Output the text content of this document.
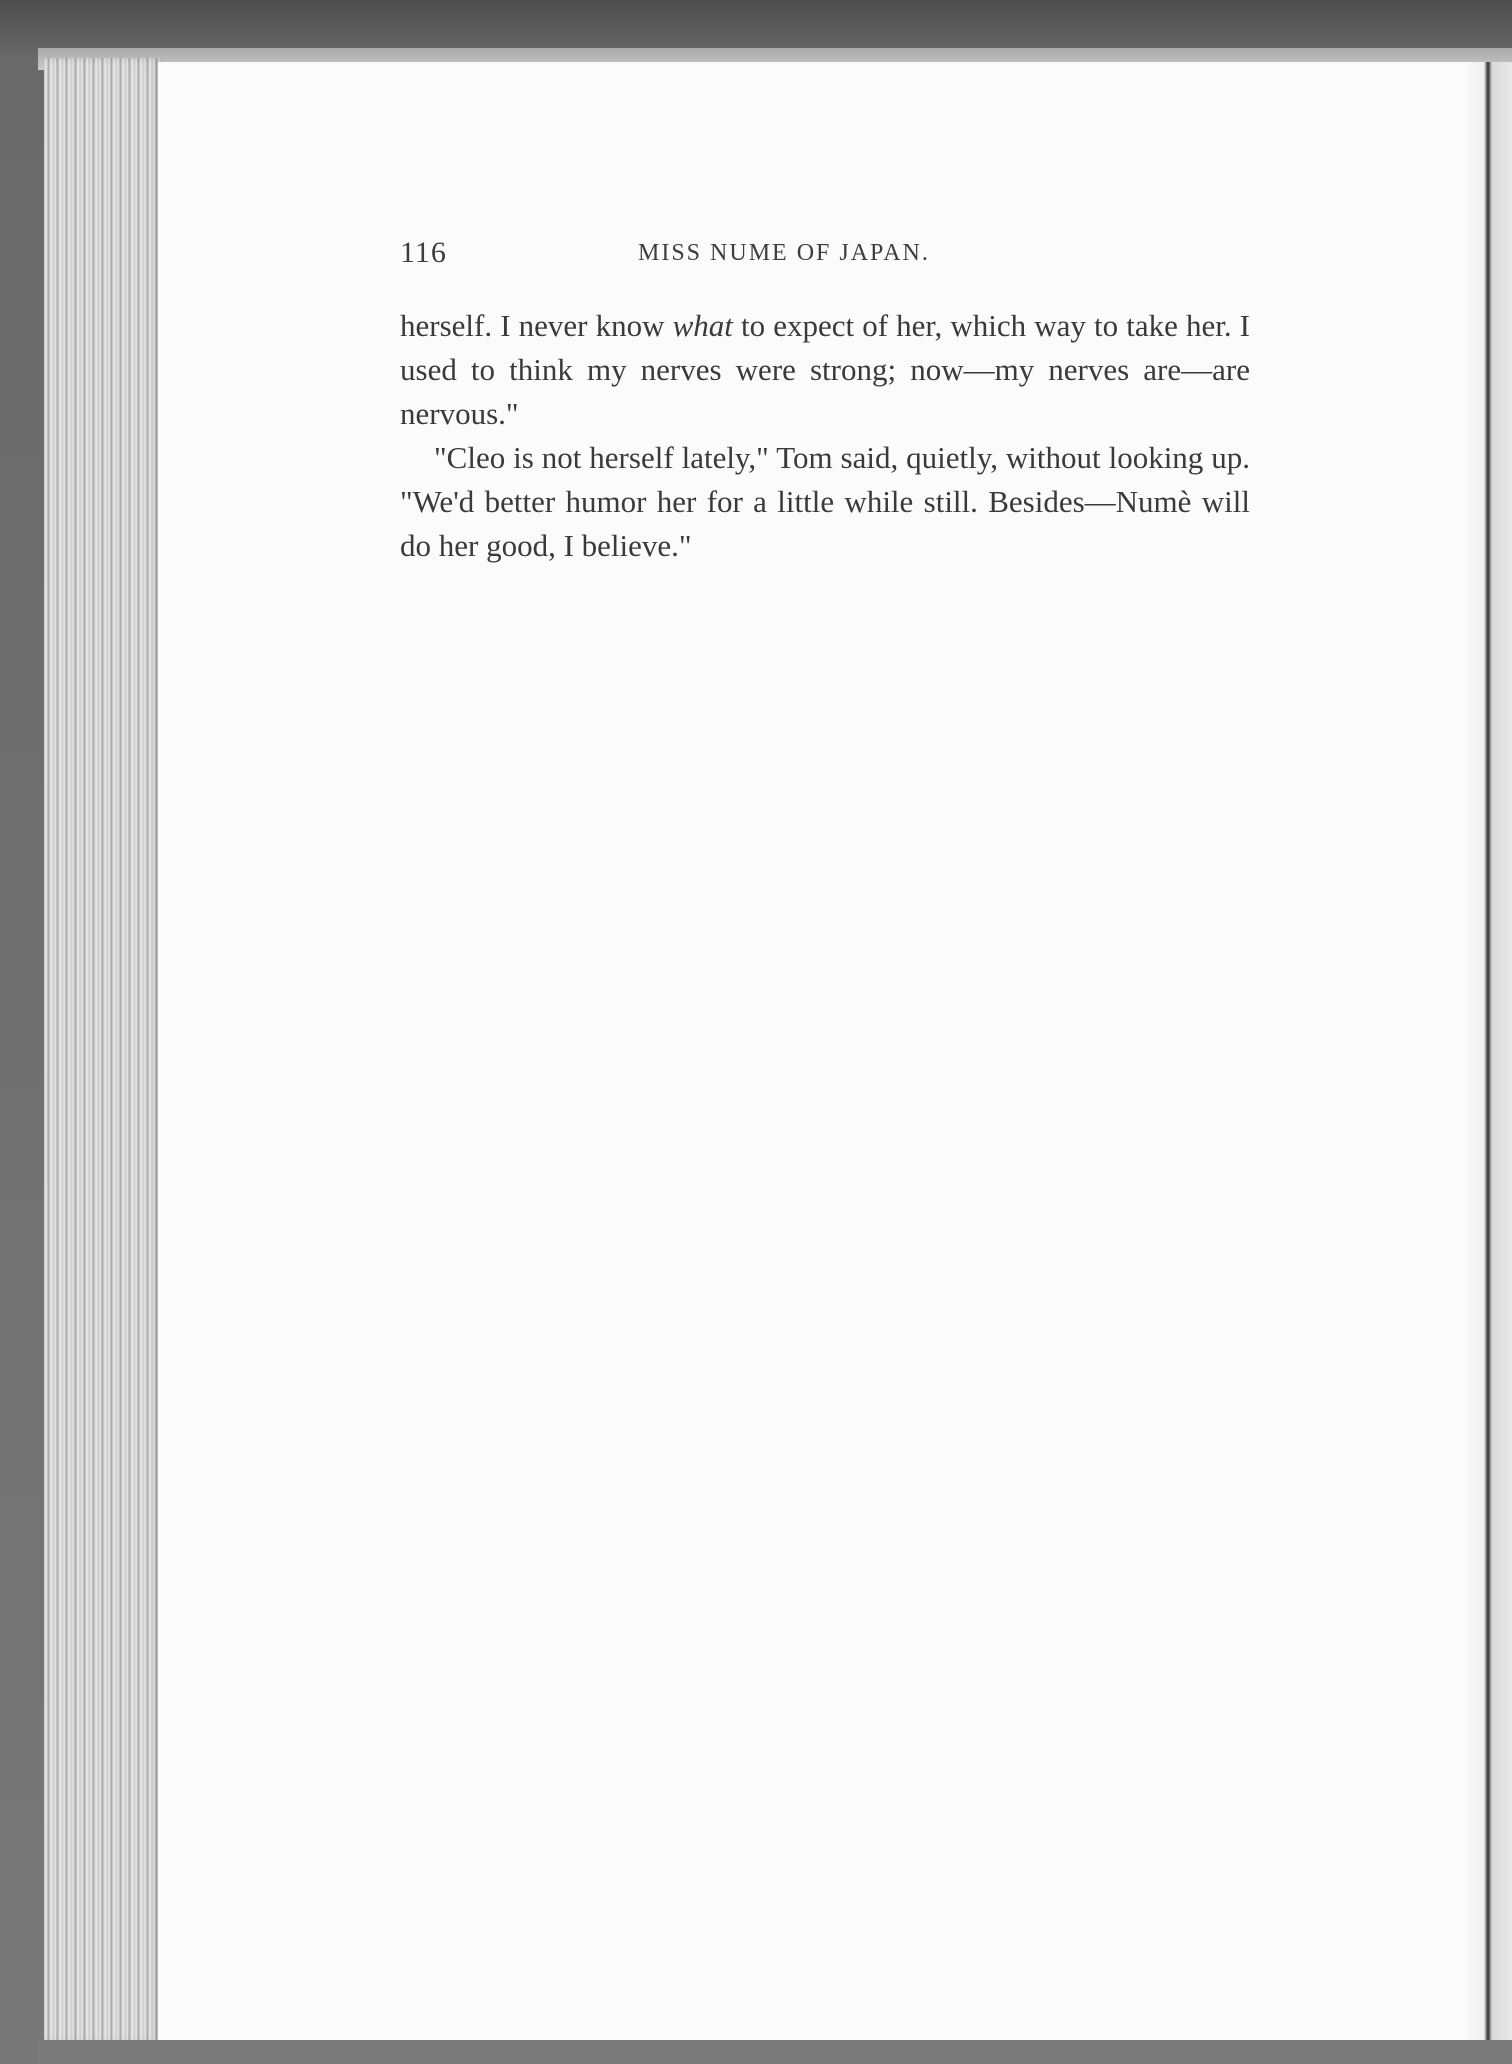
116	MISS NUME OF JAPAN.

herself. I never know what to expect of her, which way to take her. I used to think my nerves were strong; now—my nerves are—are nervous."

"Cleo is not herself lately," Tom said, quietly, without looking up. "We'd better humor her for a little while still. Besides—Numè will do her good, I believe."
